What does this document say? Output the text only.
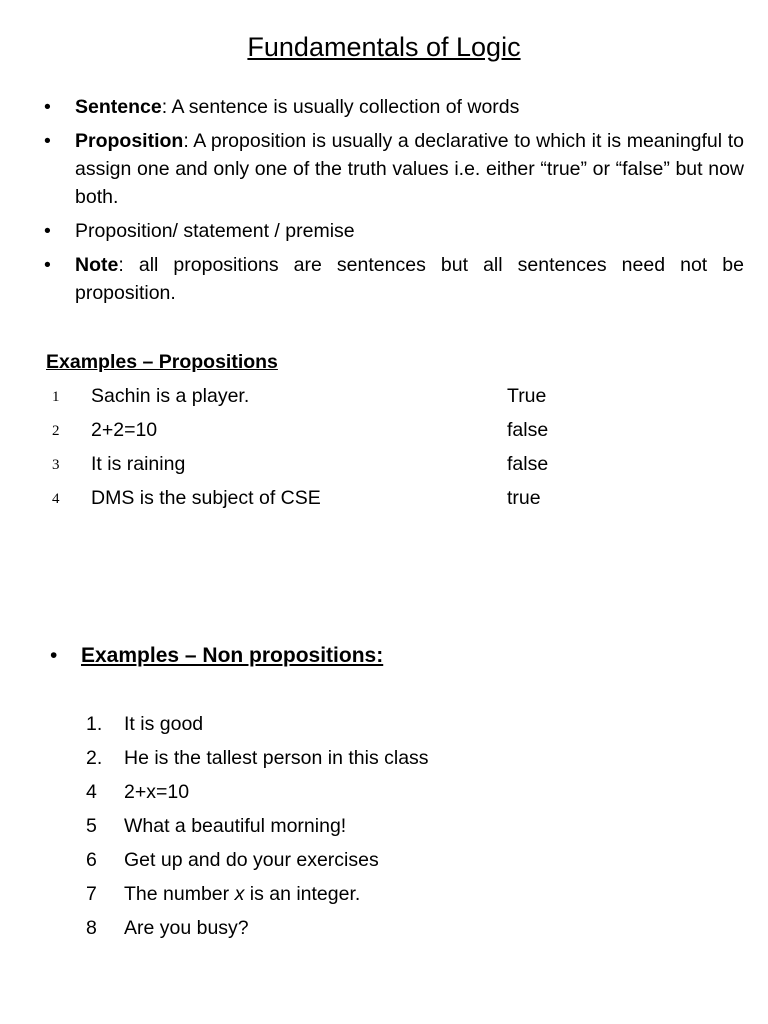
Fundamentals of Logic
• Sentence: A sentence is usually collection of words
• Proposition: A proposition is usually a declarative to which it is meaningful to assign one and only one of the truth values i.e. either “true” or “false” but now both.
• Proposition/ statement / premise
• Note: all propositions are sentences but all sentences need not be proposition.
Examples – Propositions
1 Sachin is a player.	True
2 2+2=10	false
3 It is raining	false
4 DMS is the subject of CSE	true
• Examples – Non propositions:
1. It is good
2. He is the tallest person in this class
4 2+x=10
5 What a beautiful morning!
6 Get up and do your exercises
7 The number x is an integer.
8 Are you busy?
